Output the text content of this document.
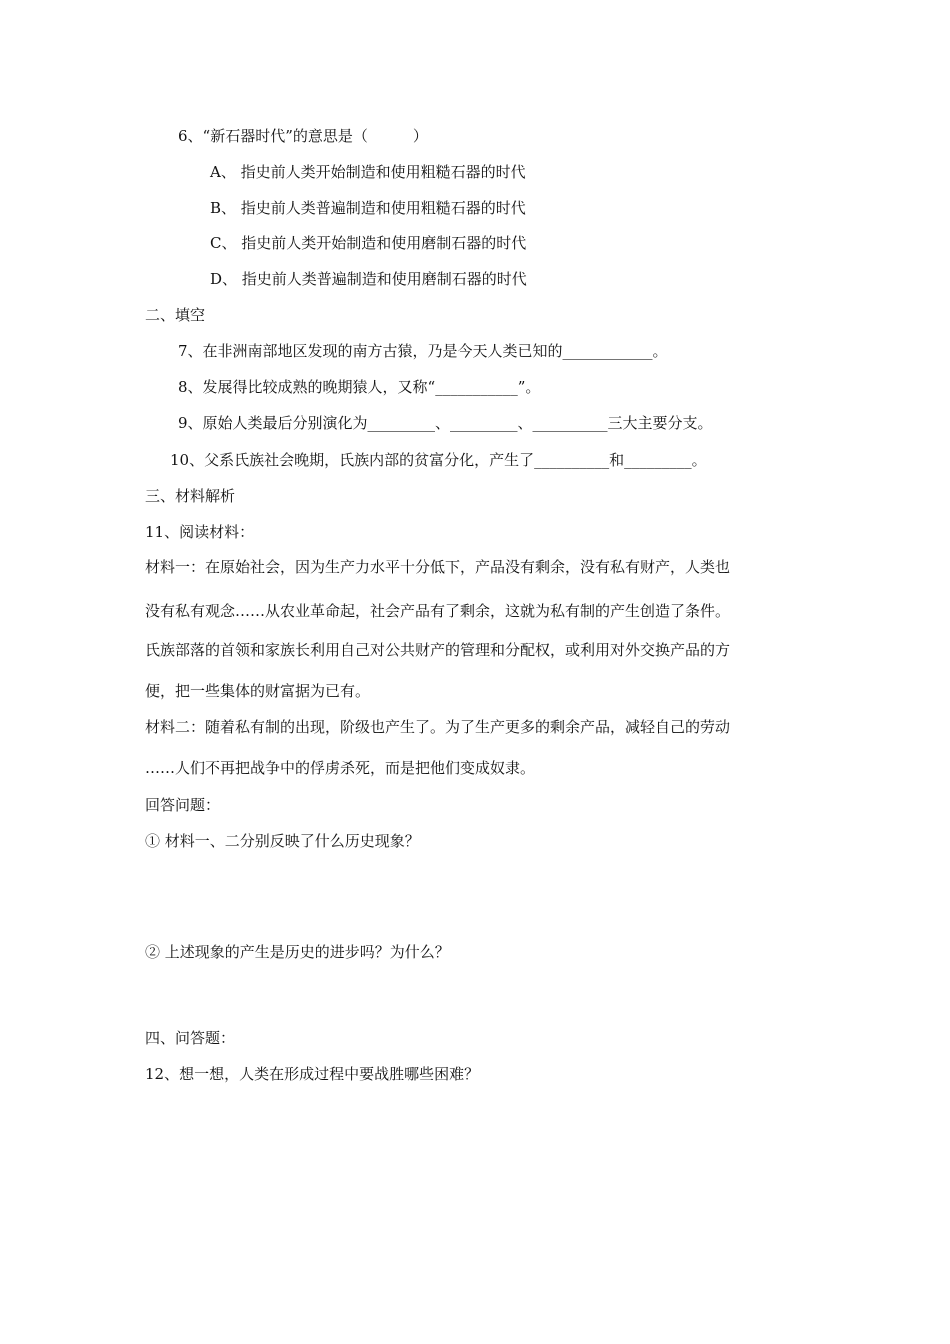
6、“新石器时代”的意思是（　　　）
A、 指史前人类开始制造和使用粗糙石器的时代
B、 指史前人类普遍制造和使用粗糙石器的时代
C、 指史前人类开始制造和使用磨制石器的时代
D、 指史前人类普遍制造和使用磨制石器的时代
二、填空
7、在非洲南部地区发现的南方古猿，乃是今天人类已知的____________。
8、发展得比较成熟的晚期猿人，又称“___________”。
9、原始人类最后分别演化为_________、_________、__________三大主要分支。
10、父系氏族社会晚期，氏族内部的贫富分化，产生了__________和_________。
三、材料解析
11、阅读材料：
材料一：在原始社会，因为生产力水平十分低下，产品没有剩余，没有私有财产，人类也
没有私有观念……从农业革命起，社会产品有了剩余，这就为私有制的产生创造了条件。
氏族部落的首领和家族长利用自己对公共财产的管理和分配权，或利用对外交换产品的方
便，把一些集体的财富据为已有。
材料二：随着私有制的出现，阶级也产生了。为了生产更多的剩余产品，减轻自己的劳动
……人们不再把战争中的俘虏杀死，而是把他们变成奴隶。
回答问题：
① 材料一、二分别反映了什么历史现象？
② 上述现象的产生是历史的进步吗？为什么？
四、问答题：
12、想一想，人类在形成过程中要战胜哪些困难？
